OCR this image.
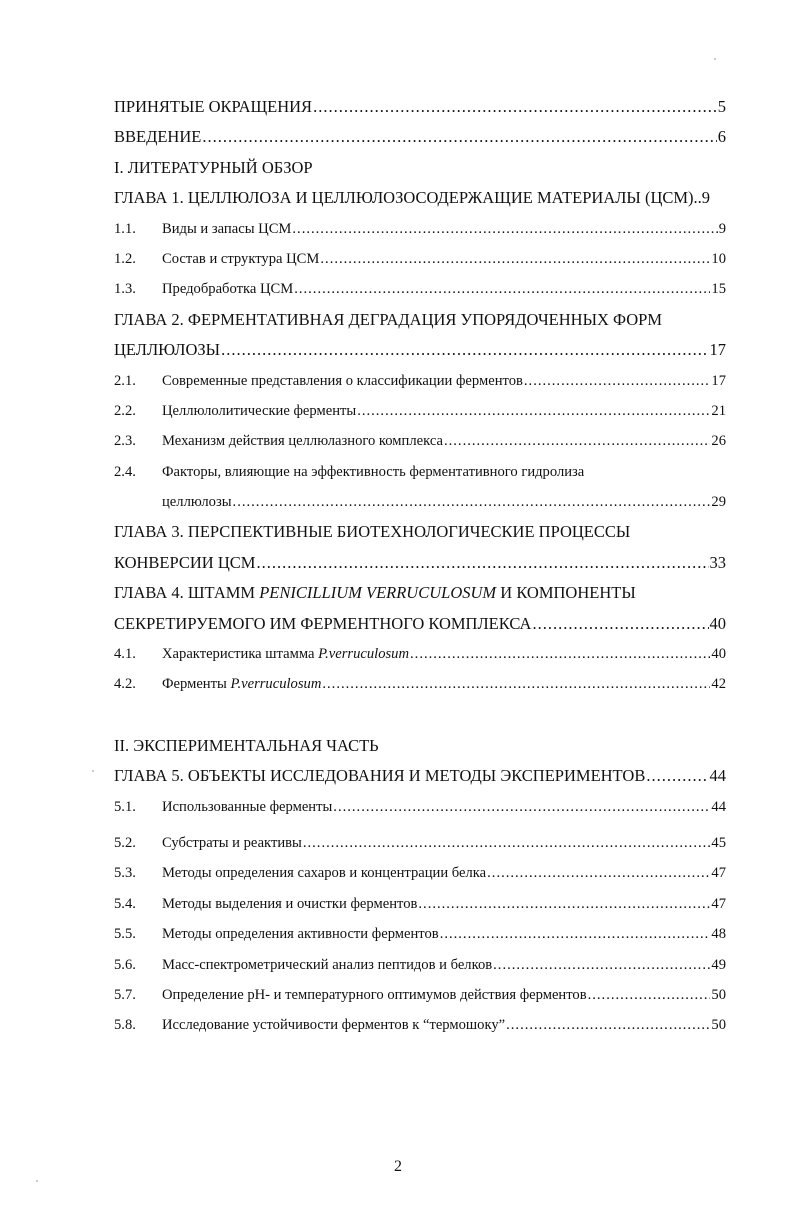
ПРИНЯТЫЕ ОКРАЩЕНИЯ .....	5
ВВЕДЕНИЕ .....	6
I. ЛИТЕРАТУРНЫЙ ОБЗОР
ГЛАВА 1. ЦЕЛЛЮЛОЗА И ЦЕЛЛЮЛОЗОСОДЕРЖАЩИЕ МАТЕРИАЛЫ (ЦСМ).. 9
1.1.	Виды и запасы ЦСМ .....	9
1.2.	Состав и структура ЦСМ .....	10
1.3.	Предобработка ЦСМ .....	15
ГЛАВА 2. ФЕРМЕНТАТИВНАЯ ДЕГРАДАЦИЯ УПОРЯДОЧЕННЫХ ФОРМ
ЦЕЛЛЮЛОЗЫ .....	17
2.1.	Современные представления о классификации ферментов .....	17
2.2.	Целлюлолитические ферменты .....	21
2.3.	Механизм действия целлюлазного комплекса .....	26
2.4.	Факторы, влияющие на эффективность ферментативного гидролиза
целлюлозы .....	29
ГЛАВА 3. ПЕРСПЕКТИВНЫЕ БИОТЕХНОЛОГИЧЕСКИЕ ПРОЦЕССЫ
КОНВЕРСИИ ЦСМ .....	33
ГЛАВА 4. ШТАММ PENICILLIUM VERRUCULOSUM И КОМПОНЕНТЫ
СЕКРЕТИРУЕМОГО ИМ ФЕРМЕНТНОГО КОМПЛЕКСА .....	40
4.1.	Характеристика штамма P.verruculosum .....	40
4.2.	Ферменты P.verruculosum .....	42
II. ЭКСПЕРИМЕНТАЛЬНАЯ ЧАСТЬ
ГЛАВА 5. ОБЪЕКТЫ ИССЛЕДОВАНИЯ И МЕТОДЫ ЭКСПЕРИМЕНТОВ .....	44
5.1.	Использованные ферменты .....	44
5.2.	Субстраты и реактивы .....	45
5.3.	Методы определения сахаров и концентрации белка .....	47
5.4.	Методы выделения и очистки ферментов .....	47
5.5.	Методы определения активности ферментов .....	48
5.6.	Масс-спектрометрический анализ пептидов и белков .....	49
5.7.	Определение pH- и температурного оптимумов действия ферментов .....	50
5.8.	Исследование устойчивости ферментов к “термошоку” .....	50
2
